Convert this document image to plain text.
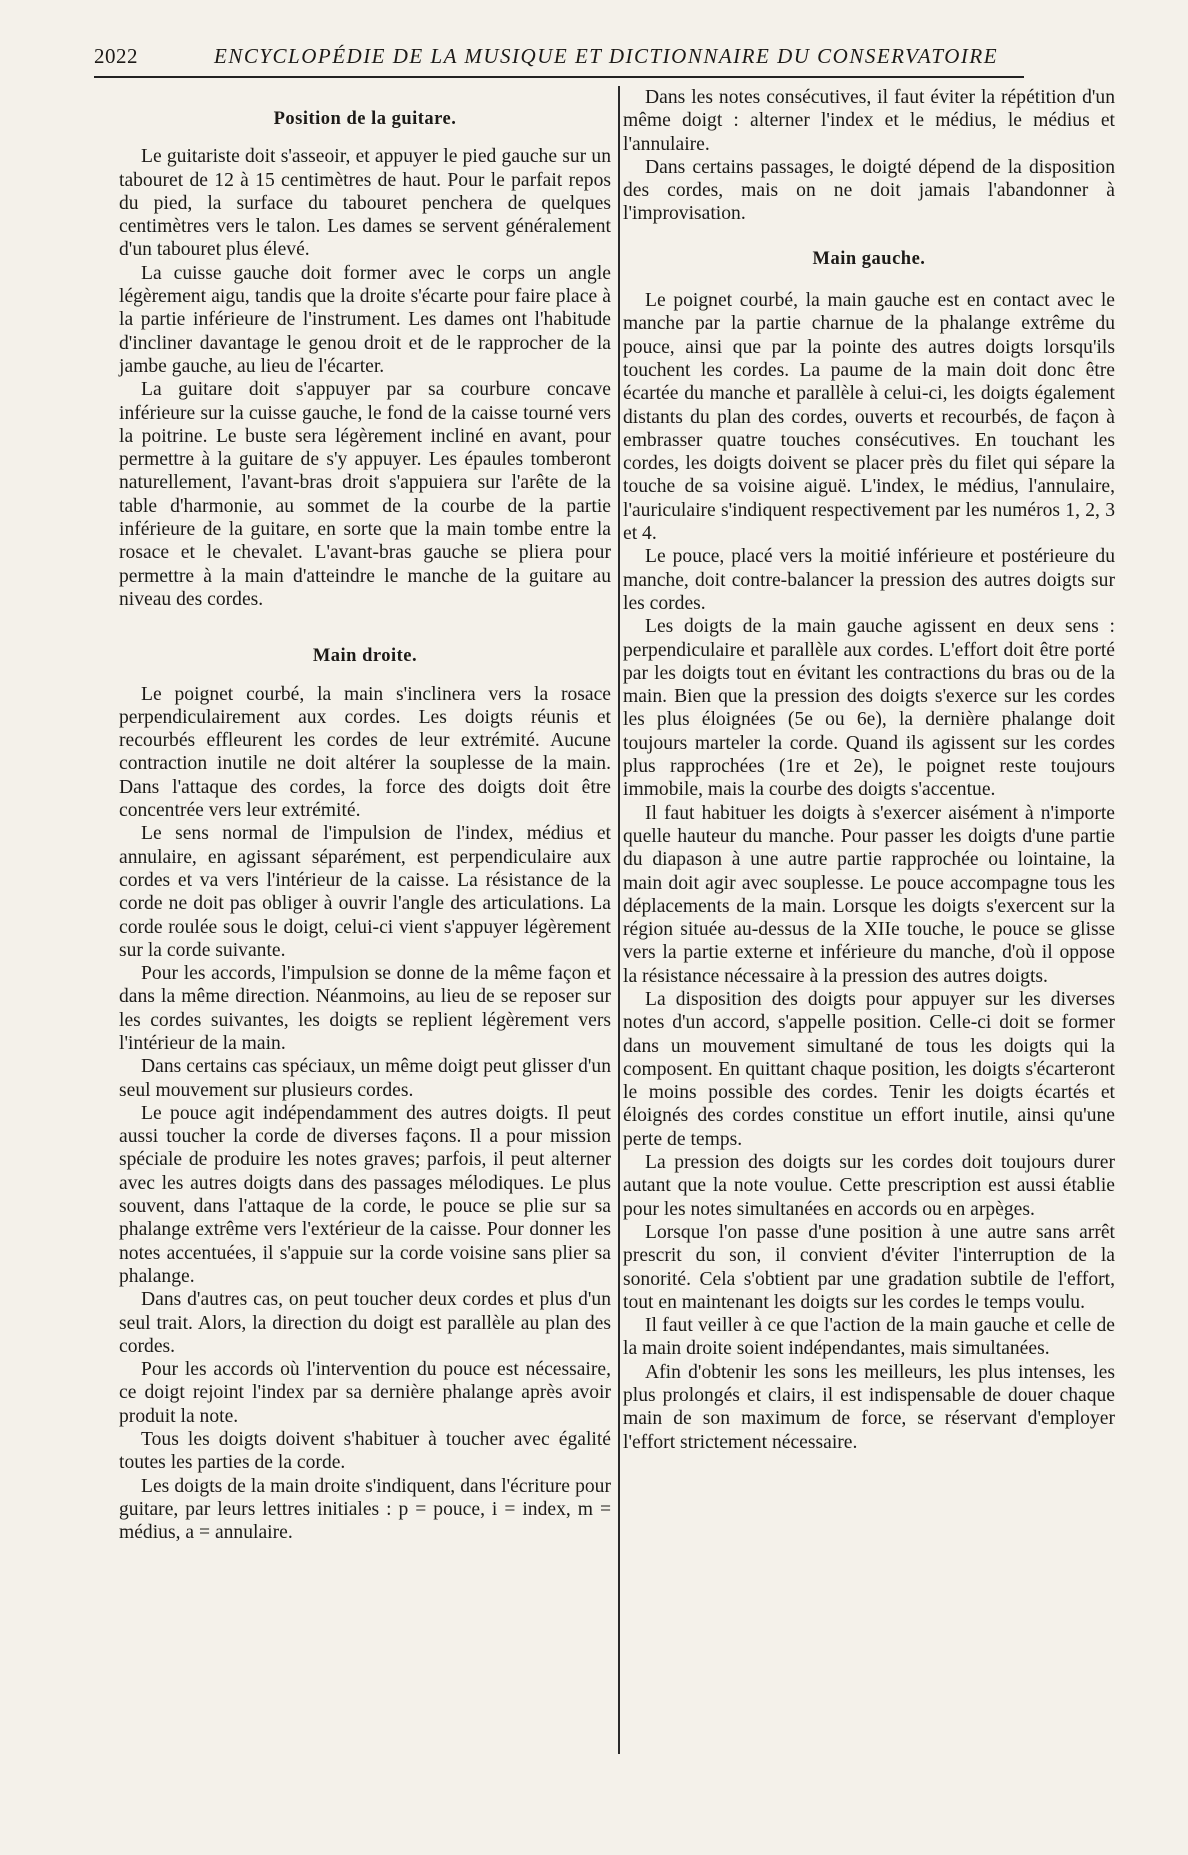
2022	ENCYCLOPÉDIE DE LA MUSIQUE ET DICTIONNAIRE DU CONSERVATOIRE

Position de la guitare.

Le guitariste doit s'asseoir, et appuyer le pied gauche sur un tabouret de 12 à 15 centimètres de haut. Pour le parfait repos du pied, la surface du tabouret penchera de quelques centimètres vers le talon. Les dames se servent généralement d'un tabouret plus élevé.

La cuisse gauche doit former avec le corps un angle légèrement aigu, tandis que la droite s'écarte pour faire place à la partie inférieure de l'instrument. Les dames ont l'habitude d'incliner davantage le genou droit et de le rapprocher de la jambe gauche, au lieu de l'écarter.

La guitare doit s'appuyer par sa courbure concave inférieure sur la cuisse gauche, le fond de la caisse tourné vers la poitrine. Le buste sera légèrement incliné en avant, pour permettre à la guitare de s'y appuyer. Les épaules tomberont naturellement, l'avant-bras droit s'appuiera sur l'arête de la table d'harmonie, au sommet de la courbe de la partie inférieure de la guitare, en sorte que la main tombe entre la rosace et le chevalet. L'avant-bras gauche se pliera pour permettre à la main d'atteindre le manche de la guitare au niveau des cordes.

Main droite.

Le poignet courbé, la main s'inclinera vers la rosace perpendiculairement aux cordes. Les doigts réunis et recourbés effleurent les cordes de leur extrémité. Aucune contraction inutile ne doit altérer la souplesse de la main. Dans l'attaque des cordes, la force des doigts doit être concentrée vers leur extrémité.

Le sens normal de l'impulsion de l'index, médius et annulaire, en agissant séparément, est perpendiculaire aux cordes et va vers l'intérieur de la caisse. La résistance de la corde ne doit pas obliger à ouvrir l'angle des articulations. La corde roulée sous le doigt, celui-ci vient s'appuyer légèrement sur la corde suivante.

Pour les accords, l'impulsion se donne de la même façon et dans la même direction. Néanmoins, au lieu de se reposer sur les cordes suivantes, les doigts se replient légèrement vers l'intérieur de la main.

Dans certains cas spéciaux, un même doigt peut glisser d'un seul mouvement sur plusieurs cordes.

Le pouce agit indépendamment des autres doigts. Il peut aussi toucher la corde de diverses façons. Il a pour mission spéciale de produire les notes graves; parfois, il peut alterner avec les autres doigts dans des passages mélodiques. Le plus souvent, dans l'attaque de la corde, le pouce se plie sur sa phalange extrême vers l'extérieur de la caisse. Pour donner les notes accentuées, il s'appuie sur la corde voisine sans plier sa phalange.

Dans d'autres cas, on peut toucher deux cordes et plus d'un seul trait. Alors, la direction du doigt est parallèle au plan des cordes.

Pour les accords où l'intervention du pouce est nécessaire, ce doigt rejoint l'index par sa dernière phalange après avoir produit la note.

Tous les doigts doivent s'habituer à toucher avec égalité toutes les parties de la corde.

Les doigts de la main droite s'indiquent, dans l'écriture pour guitare, par leurs lettres initiales : p = pouce, i = index, m = médius, a = annulaire.

Dans les notes consécutives, il faut éviter la répétition d'un même doigt : alterner l'index et le médius, le médius et l'annulaire.

Dans certains passages, le doigté dépend de la disposition des cordes, mais on ne doit jamais l'abandonner à l'improvisation.

Main gauche.

Le poignet courbé, la main gauche est en contact avec le manche par la partie charnue de la phalange extrême du pouce, ainsi que par la pointe des autres doigts lorsqu'ils touchent les cordes. La paume de la main doit donc être écartée du manche et parallèle à celui-ci, les doigts également distants du plan des cordes, ouverts et recourbés, de façon à embrasser quatre touches consécutives. En touchant les cordes, les doigts doivent se placer près du filet qui sépare la touche de sa voisine aiguë. L'index, le médius, l'annulaire, l'auriculaire s'indiquent respectivement par les numéros 1, 2, 3 et 4.

Le pouce, placé vers la moitié inférieure et postérieure du manche, doit contre-balancer la pression des autres doigts sur les cordes.

Les doigts de la main gauche agissent en deux sens : perpendiculaire et parallèle aux cordes. L'effort doit être porté par les doigts tout en évitant les contractions du bras ou de la main. Bien que la pression des doigts s'exerce sur les cordes les plus éloignées (5e ou 6e), la dernière phalange doit toujours marteler la corde. Quand ils agissent sur les cordes plus rapprochées (1re et 2e), le poignet reste toujours immobile, mais la courbe des doigts s'accentue.

Il faut habituer les doigts à s'exercer aisément à n'importe quelle hauteur du manche. Pour passer les doigts d'une partie du diapason à une autre partie rapprochée ou lointaine, la main doit agir avec souplesse. Le pouce accompagne tous les déplacements de la main. Lorsque les doigts s'exercent sur la région située au-dessus de la XIIe touche, le pouce se glisse vers la partie externe et inférieure du manche, d'où il oppose la résistance nécessaire à la pression des autres doigts.

La disposition des doigts pour appuyer sur les diverses notes d'un accord, s'appelle position. Celle-ci doit se former dans un mouvement simultané de tous les doigts qui la composent. En quittant chaque position, les doigts s'écarteront le moins possible des cordes. Tenir les doigts écartés et éloignés des cordes constitue un effort inutile, ainsi qu'une perte de temps.

La pression des doigts sur les cordes doit toujours durer autant que la note voulue. Cette prescription est aussi établie pour les notes simultanées en accords ou en arpèges.

Lorsque l'on passe d'une position à une autre sans arrêt prescrit du son, il convient d'éviter l'interruption de la sonorité. Cela s'obtient par une gradation subtile de l'effort, tout en maintenant les doigts sur les cordes le temps voulu.

Il faut veiller à ce que l'action de la main gauche et celle de la main droite soient indépendantes, mais simultanées.

Afin d'obtenir les sons les meilleurs, les plus intenses, les plus prolongés et clairs, il est indispensable de douer chaque main de son maximum de force, se réservant d'employer l'effort strictement nécessaire.
